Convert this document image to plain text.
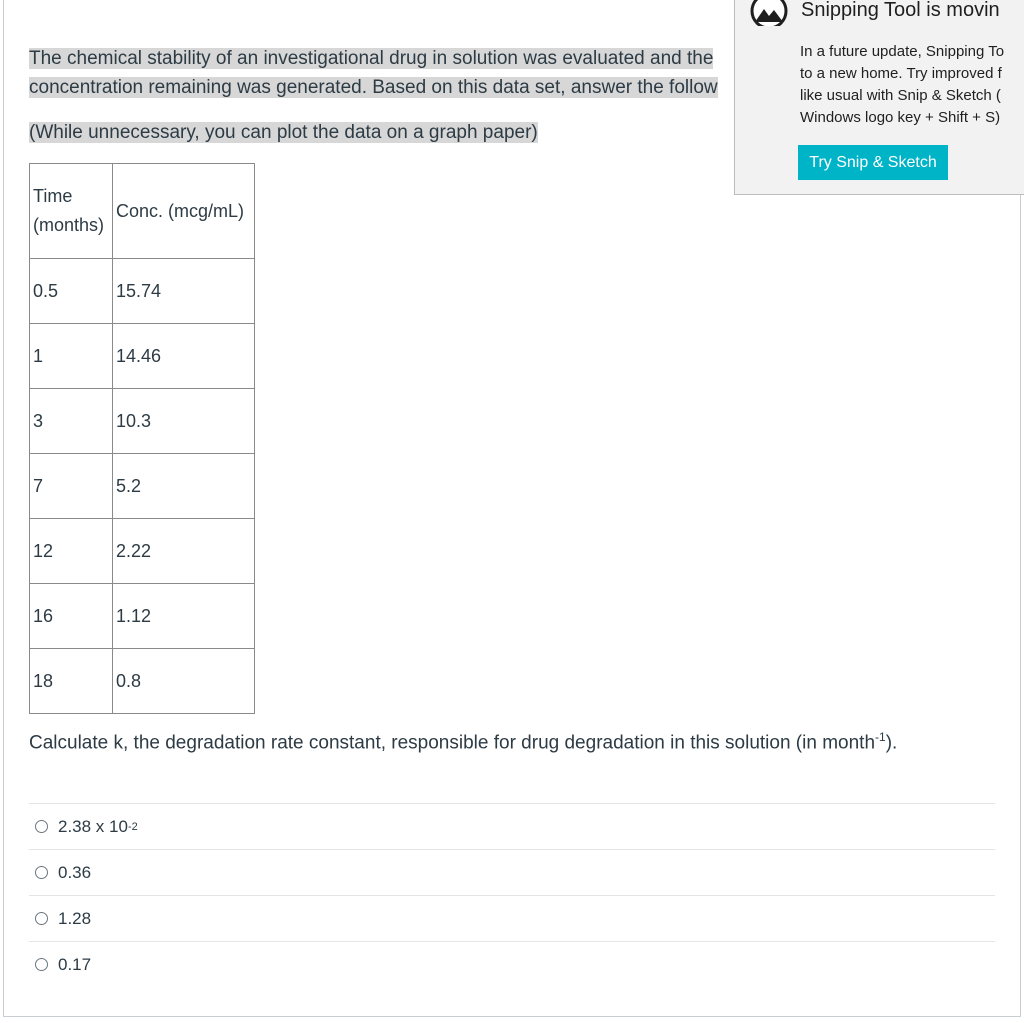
The chemical stability of an investigational drug in solution was evaluated and the
concentration remaining was generated. Based on this data set, answer the follow
(While unnecessary, you can plot the data on a graph paper)
Time
(months)	Conc. (mcg/mL)
0.5	15.74
1	14.46
3	10.3
7	5.2
12	2.22
16	1.12
18	0.8
Calculate k, the degradation rate constant, responsible for drug degradation in this solution (in month$^{-1}$).
2.38 x 10 -2
0.36
1.28
0.17
Snipping Tool is movin
In a future update, Snipping To
to a new home. Try improved f
like usual with Snip & Sketch (
Windows logo key + Shift + S)
Try Snip & Sketch
